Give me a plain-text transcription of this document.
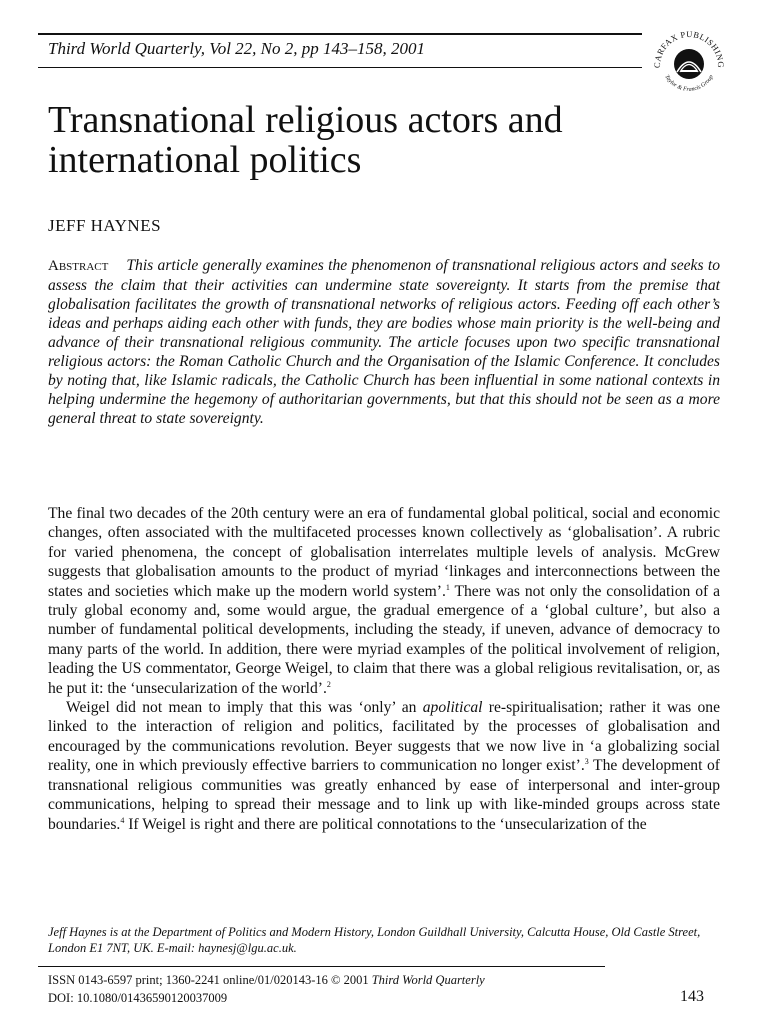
Third World Quarterly, Vol 22, No 2, pp 143–158, 2001
CARFAX PUBLISHING
Taylor & Francis Group
Transnational religious actors and
international politics
JEFF HAYNES
Abstract This article generally examines the phenomenon of transnational religious actors and seeks to assess the claim that their activities can undermine state sovereignty. It starts from the premise that globalisation facilitates the growth of transnational networks of religious actors. Feeding off each other’s ideas and perhaps aiding each other with funds, they are bodies whose main priority is the well-being and advance of their transnational religious community. The article focuses upon two specific transnational religious actors: the Roman Catholic Church and the Organisation of the Islamic Conference. It concludes by noting that, like Islamic radicals, the Catholic Church has been influential in some national contexts in helping undermine the hegemony of authoritarian governments, but that this should not be seen as a more general threat to state sovereignty.

The final two decades of the 20th century were an era of fundamental global political, social and economic changes, often associated with the multifaceted processes known collectively as ‘globalisation’. A rubric for varied phenomena, the concept of globalisation interrelates multiple levels of analysis. McGrew suggests that globalisation amounts to the product of myriad ‘linkages and interconnections between the states and societies which make up the modern world system’.$^1$ There was not only the consolidation of a truly global economy and, some would argue, the gradual emergence of a ‘global culture’, but also a number of fundamental political developments, including the steady, if uneven, advance of democracy to many parts of the world. In addition, there were myriad examples of the political involvement of religion, leading the US commentator, George Weigel, to claim that there was a global religious revitalisation, or, as he put it: the ‘unsecularization of the world’.$^2$

Weigel did not mean to imply that this was ‘only’ an apolitical re-spiritualisation; rather it was one linked to the interaction of religion and politics, facilitated by the processes of globalisation and encouraged by the communications revolution. Beyer suggests that we now live in ‘a globalizing social reality, one in which previously effective barriers to communication no longer exist’.$^3$ The development of transnational religious communities was greatly enhanced by ease of interpersonal and inter-group communications, helping to spread their message and to link up with like-minded groups across state boundaries.$^4$ If Weigel is right and there are political connotations to the ‘unsecularization of the

Jeff Haynes is at the Department of Politics and Modern History, London Guildhall University, Calcutta House, Old Castle Street, London E1 7NT, UK. E-mail: haynesj@lgu.ac.uk.
ISSN 0143-6597 print; 1360-2241 online/01/020143-16 © 2001 Third World Quarterly
DOI: 10.1080/01436590120037009	143
